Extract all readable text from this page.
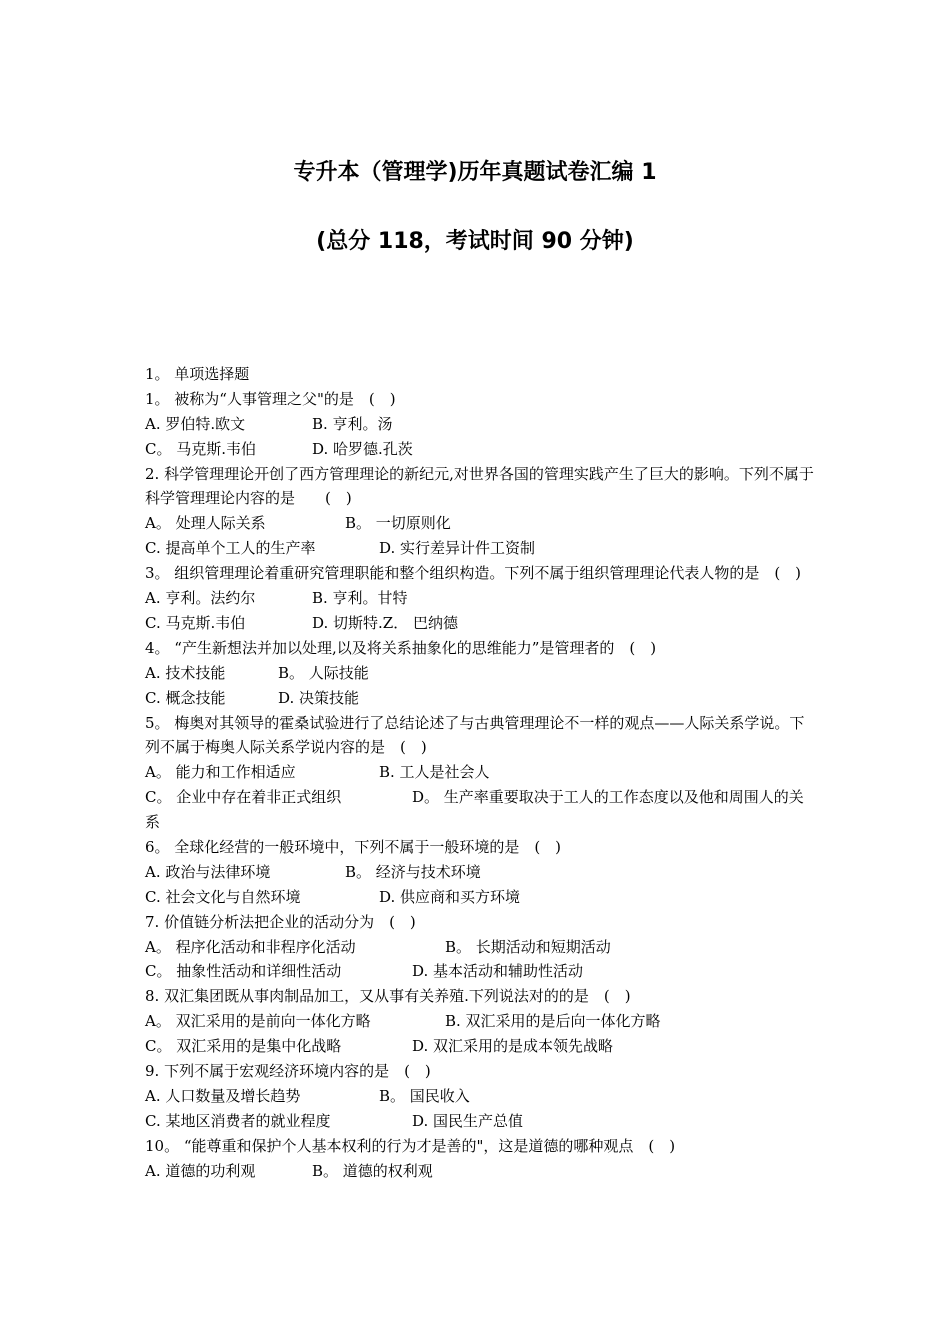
专升本（管理学)历年真题试卷汇编 1
(总分 118，考试时间 90 分钟)
1。 单项选择题
1。 被称为“人事管理之父"的是　(　)
A. 罗伯特.欧文	B. 亨利。汤
C。 马克斯.韦伯	D. 哈罗德.孔茨
2. 科学管理理论开创了西方管理理论的新纪元,对世界各国的管理实践产生了巨大的影响。下列不属于科学管理理论内容的是　　(　)
A。 处理人际关系	B。 一切原则化
C. 提高单个工人的生产率	D. 实行差异计件工资制
3。 组织管理理论着重研究管理职能和整个组织构造。下列不属于组织管理理论代表人物的是　(　)
A. 亨利。法约尔	B. 亨利。甘特
C. 马克斯.韦伯	D. 切斯特.Z． 巴纳德
4。 “产生新想法并加以处理,以及将关系抽象化的思维能力”是管理者的　(　)
A. 技术技能	B。 人际技能
C. 概念技能	D. 决策技能
5。 梅奥对其领导的霍桑试验进行了总结论述了与古典管理理论不一样的观点——人际关系学说。下列不属于梅奥人际关系学说内容的是　(　)
A。 能力和工作相适应	B. 工人是社会人
C。 企业中存在着非正式组织	D。 生产率重要取决于工人的工作态度以及他和周围人的关系
6。 全球化经营的一般环境中，下列不属于一般环境的是　(　)
A. 政治与法律环境	B。 经济与技术环境
C. 社会文化与自然环境	D. 供应商和买方环境
7. 价值链分析法把企业的活动分为　(　)
A。 程序化活动和非程序化活动	B。 长期活动和短期活动
C。 抽象性活动和详细性活动	D. 基本活动和辅助性活动
8. 双汇集团既从事肉制品加工，又从事有关养殖.下列说法对的的是　(　)
A。 双汇采用的是前向一体化方略	B. 双汇采用的是后向一体化方略
C。 双汇采用的是集中化战略	D. 双汇采用的是成本领先战略
9. 下列不属于宏观经济环境内容的是　(　)
A. 人口数量及增长趋势	B。 国民收入
C. 某地区消费者的就业程度	D. 国民生产总值
10。 “能尊重和保护个人基本权利的行为才是善的"，这是道德的哪种观点　(　)
A. 道德的功利观	B。 道德的权利观
